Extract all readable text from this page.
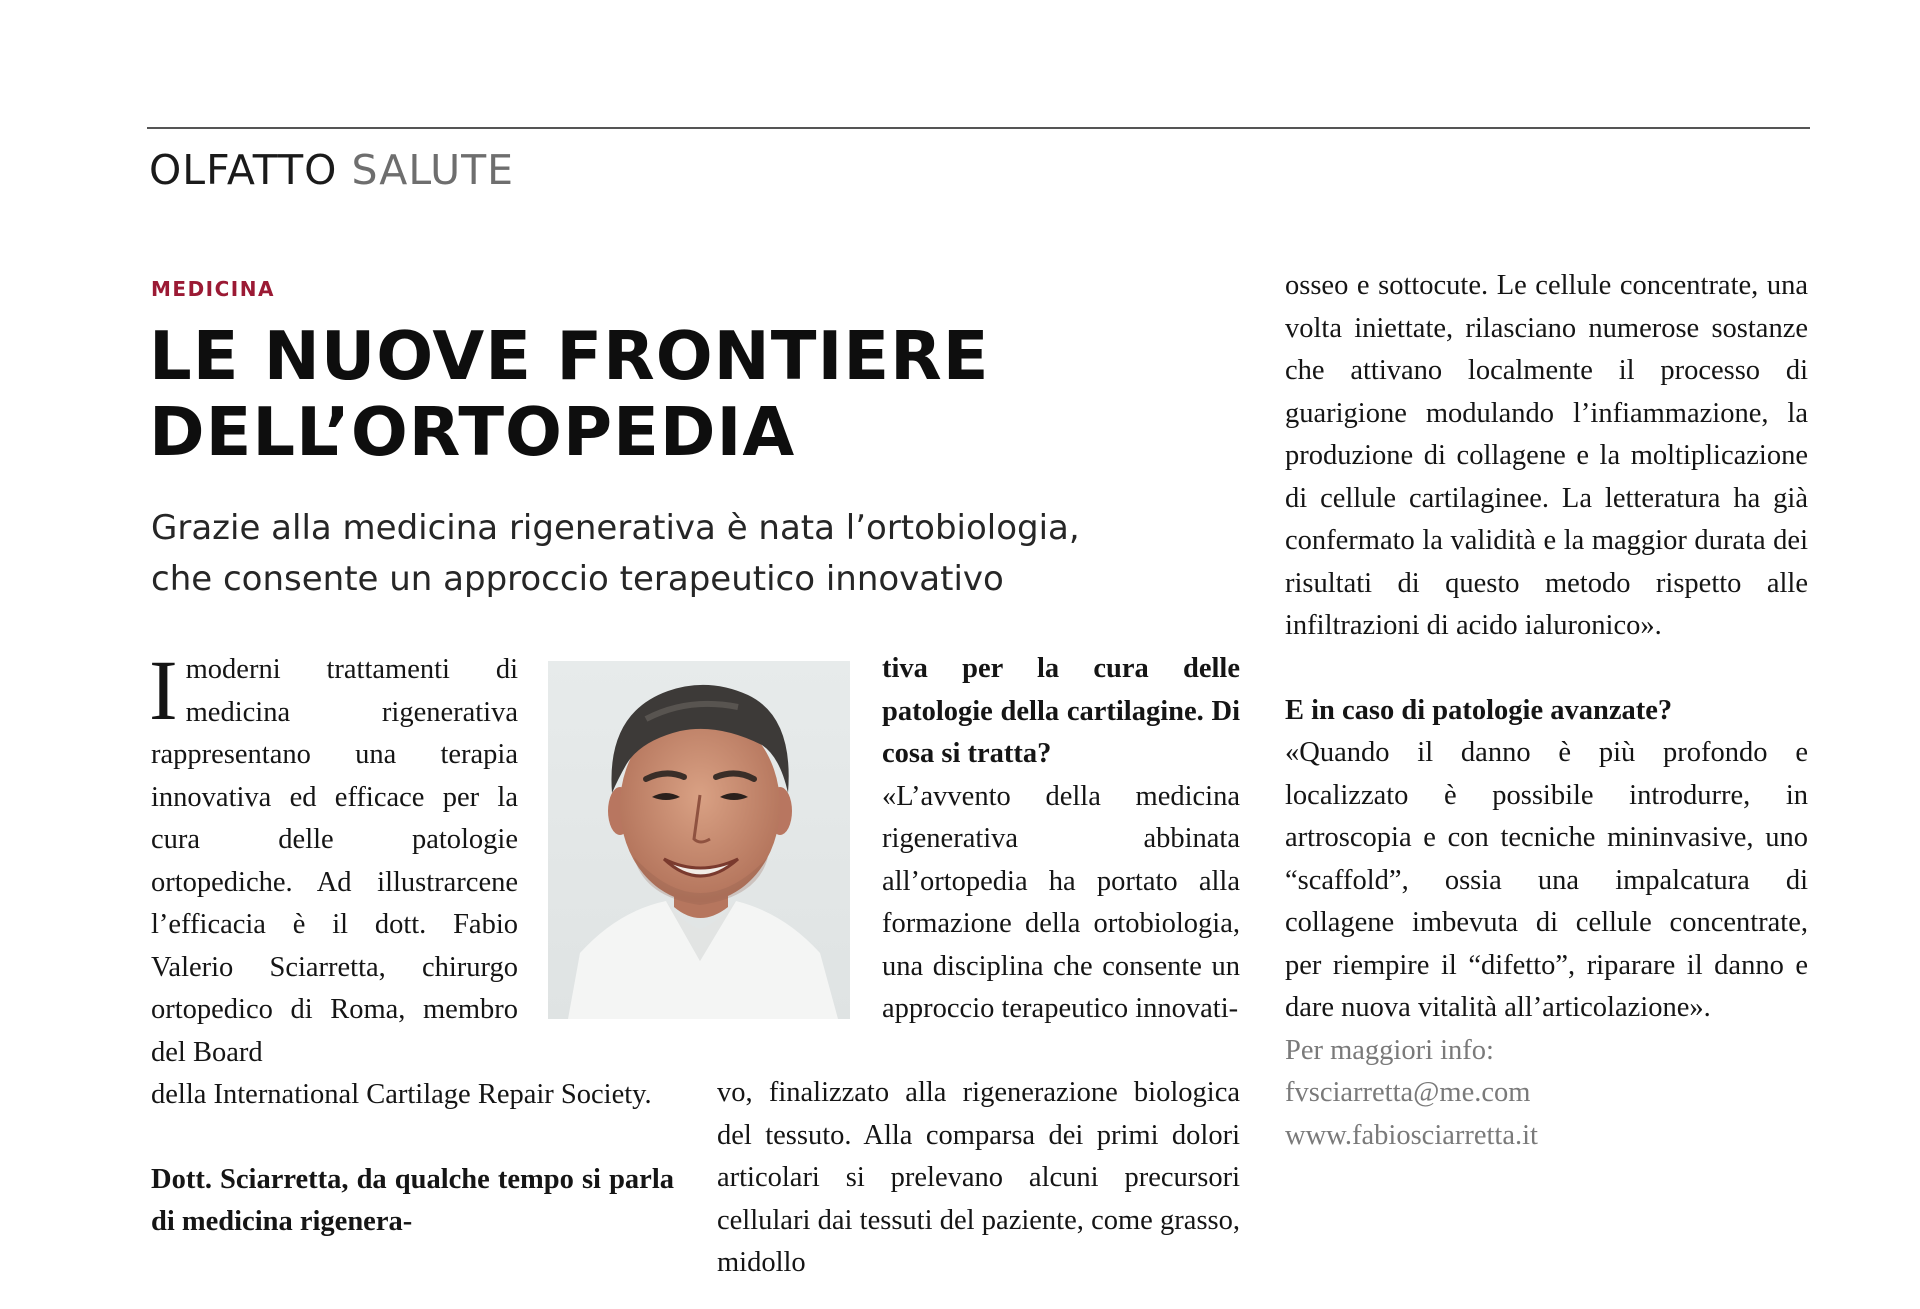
OLFATTO SALUTE
MEDICINA
LE NUOVE FRONTIERE
DELL’ORTOPEDIA
Grazie alla medicina rigenerativa è nata l’ortobiologia,
che consente un approccio terapeutico innovativo

I moderni trattamenti di medicina rigenerativa rappresentano una terapia innovativa ed efficace per la cura delle patologie ortopediche. Ad illustrarcene l’efficacia è il dott. Fabio Valerio Sciarretta, chirurgo ortopedico di Roma, membro del Board

della International Cartilage Repair Society.

Dott. Sciarretta, da qualche tempo si parla di medicina rigenera-

tiva per la cura delle patologie della cartilagine. Di cosa si tratta?

«L’avvento della medicina rigenerativa abbinata all’ortopedia ha portato alla formazione della ortobiologia, una disciplina che consente un approccio terapeutico innovati-

vo, finalizzato alla rigenerazione biologica del tessuto. Alla comparsa dei primi dolori articolari si prelevano alcuni precursori cellulari dai tessuti del paziente, come grasso, midollo

osseo e sottocute. Le cellule concentrate, una volta iniettate, rilasciano numerose sostanze che attivano localmente il processo di guarigione modulando l’infiammazione, la produzione di collagene e la moltiplicazione di cellule cartilaginee. La letteratura ha già confermato la validità e la maggior durata dei risultati di questo metodo rispetto alle infiltrazioni di acido ialuronico».

E in caso di patologie avanzate?

«Quando il danno è più profondo e localizzato è possibile introdurre, in artroscopia e con tecniche mininvasive, uno “scaffold”, ossia una impalcatura di collagene imbevuta di cellule concentrate, per riempire il “difetto”, riparare il danno e dare nuova vitalità all’articolazione».

Per maggiori info:

fvsciarretta@me.com

www.fabiosciarretta.it
